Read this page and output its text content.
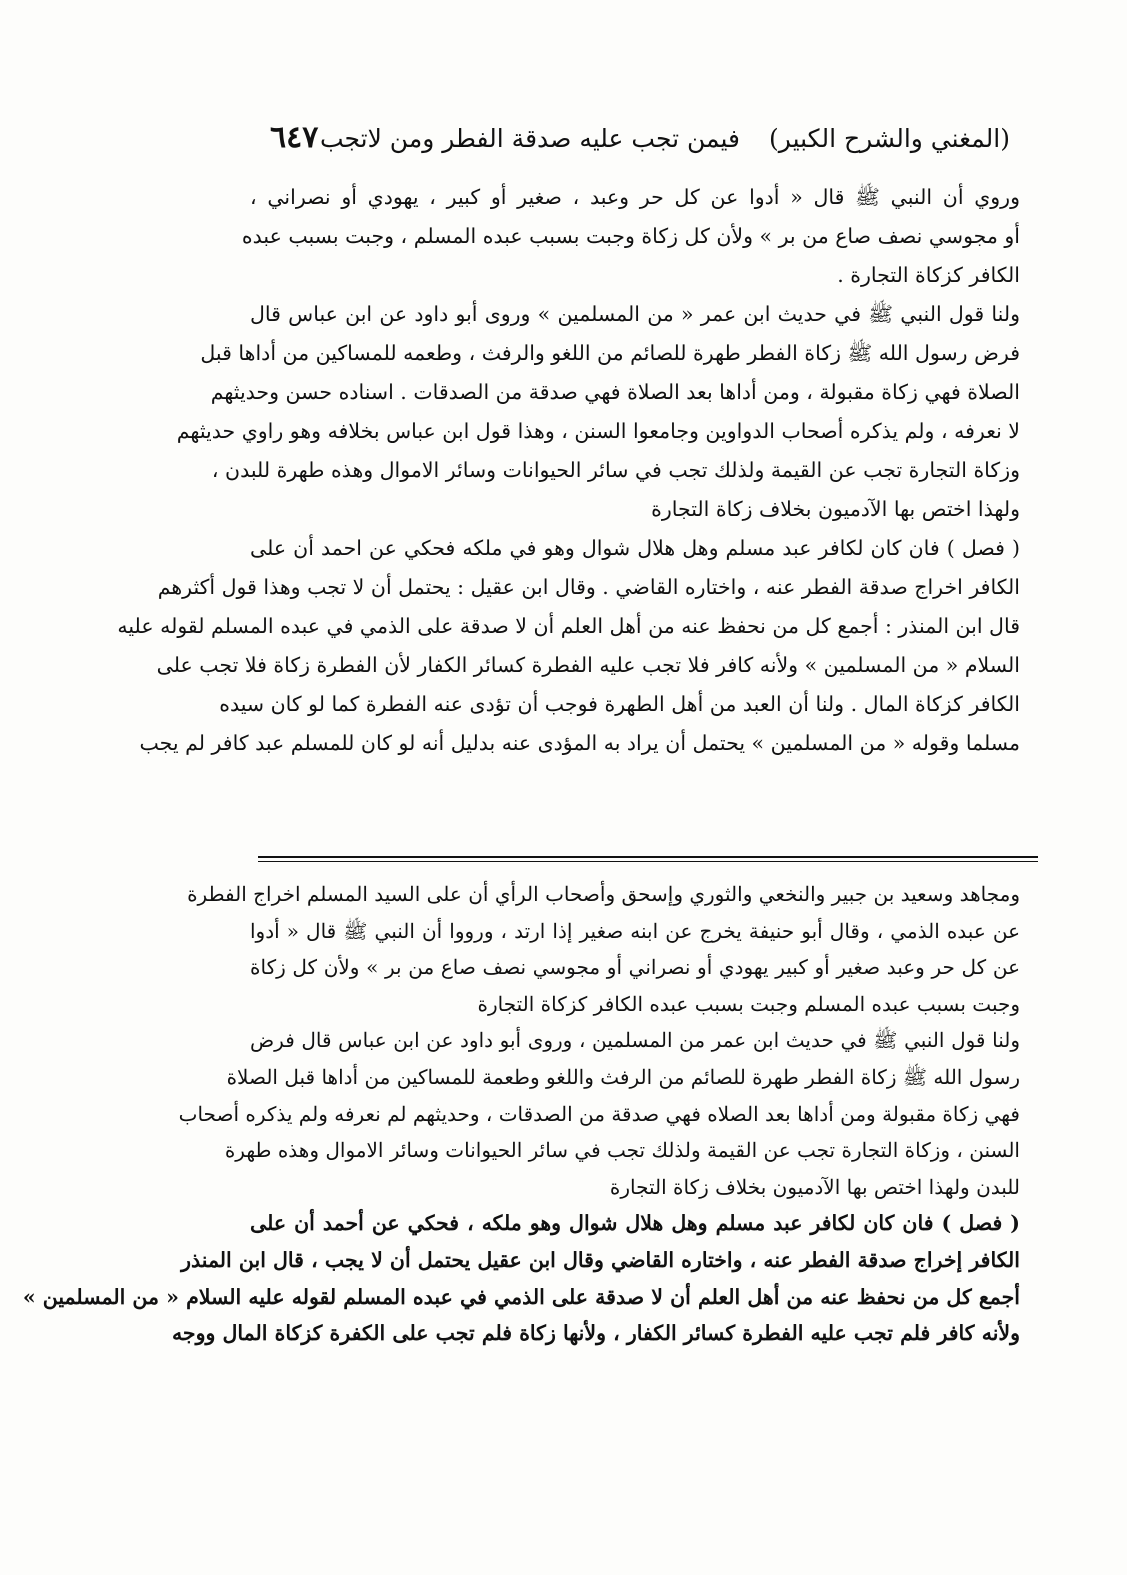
(المغني والشرح الكبير)
فيمن تجب عليه صدقة الفطر ومن لاتجب
٦٤٧
وروي أن النبي ﷺ قال « أدوا عن كل حر وعبد ، صغير أو كبير ، يهودي أو نصراني ،
أو مجوسي نصف صاع من بر » ولأن كل زكاة وجبت بسبب عبده المسلم ، وجبت بسبب عبده
الكافر كزكاة التجارة .
ولنا قول النبي ﷺ في حديث ابن عمر « من المسلمين » وروى أبو داود عن ابن عباس قال
فرض رسول الله ﷺ زكاة الفطر طهرة للصائم من اللغو والرفث ، وطعمه للمساكين من أداها قبل
الصلاة فهي زكاة مقبولة ، ومن أداها بعد الصلاة فهي صدقة من الصدقات . اسناده حسن وحديثهم
لا نعرفه ، ولم يذكره أصحاب الدواوين وجامعوا السنن ، وهذا قول ابن عباس بخلافه وهو راوي حديثهم
وزكاة التجارة تجب عن القيمة ولذلك تجب في سائر الحيوانات وسائر الاموال وهذه طهرة للبدن ،
ولهذا اختص بها الآدميون بخلاف زكاة التجارة
( فصل ) فان كان لكافر عبد مسلم وهل هلال شوال وهو في ملكه فحكي عن احمد أن على
الكافر اخراج صدقة الفطر عنه ، واختاره القاضي . وقال ابن عقيل : يحتمل أن لا تجب وهذا قول أكثرهم
قال ابن المنذر : أجمع كل من نحفظ عنه من أهل العلم أن لا صدقة على الذمي في عبده المسلم لقوله عليه
السلام « من المسلمين » ولأنه كافر فلا تجب عليه الفطرة كسائر الكفار لأن الفطرة زكاة فلا تجب على
الكافر كزكاة المال . ولنا أن العبد من أهل الطهرة فوجب أن تؤدى عنه الفطرة كما لو كان سيده
مسلما وقوله « من المسلمين » يحتمل أن يراد به المؤدى عنه بدليل أنه لو كان للمسلم عبد كافر لم يجب
ومجاهد وسعيد بن جبير والنخعي والثوري وإسحق وأصحاب الرأي أن على السيد المسلم اخراج الفطرة
عن عبده الذمي ، وقال أبو حنيفة يخرج عن ابنه صغير إذا ارتد ، ورووا أن النبي ﷺ قال « أدوا
عن كل حر وعبد صغير أو كبير يهودي أو نصراني أو مجوسي نصف صاع من بر » ولأن كل زكاة
وجبت بسبب عبده المسلم وجبت بسبب عبده الكافر كزكاة التجارة
ولنا قول النبي ﷺ في حديث ابن عمر من المسلمين ، وروى أبو داود عن ابن عباس قال فرض
رسول الله ﷺ زكاة الفطر طهرة للصائم من الرفث واللغو وطعمة للمساكين من أداها قبل الصلاة
فهي زكاة مقبولة ومن أداها بعد الصلاه فهي صدقة من الصدقات ، وحديثهم لم نعرفه ولم يذكره أصحاب
السنن ، وزكاة التجارة تجب عن القيمة ولذلك تجب في سائر الحيوانات وسائر الاموال وهذه طهرة
للبدن ولهذا اختص بها الآدميون بخلاف زكاة التجارة
( فصل ) فان كان لكافر عبد مسلم وهل هلال شوال وهو ملكه ، فحكي عن أحمد أن على
الكافر إخراج صدقة الفطر عنه ، واختاره القاضي وقال ابن عقيل يحتمل أن لا يجب ، قال ابن المنذر
أجمع كل من نحفظ عنه من أهل العلم أن لا صدقة على الذمي في عبده المسلم لقوله عليه السلام « من المسلمين »
ولأنه كافر فلم تجب عليه الفطرة كسائر الكفار ، ولأنها زكاة فلم تجب على الكفرة كزكاة المال ووجه
